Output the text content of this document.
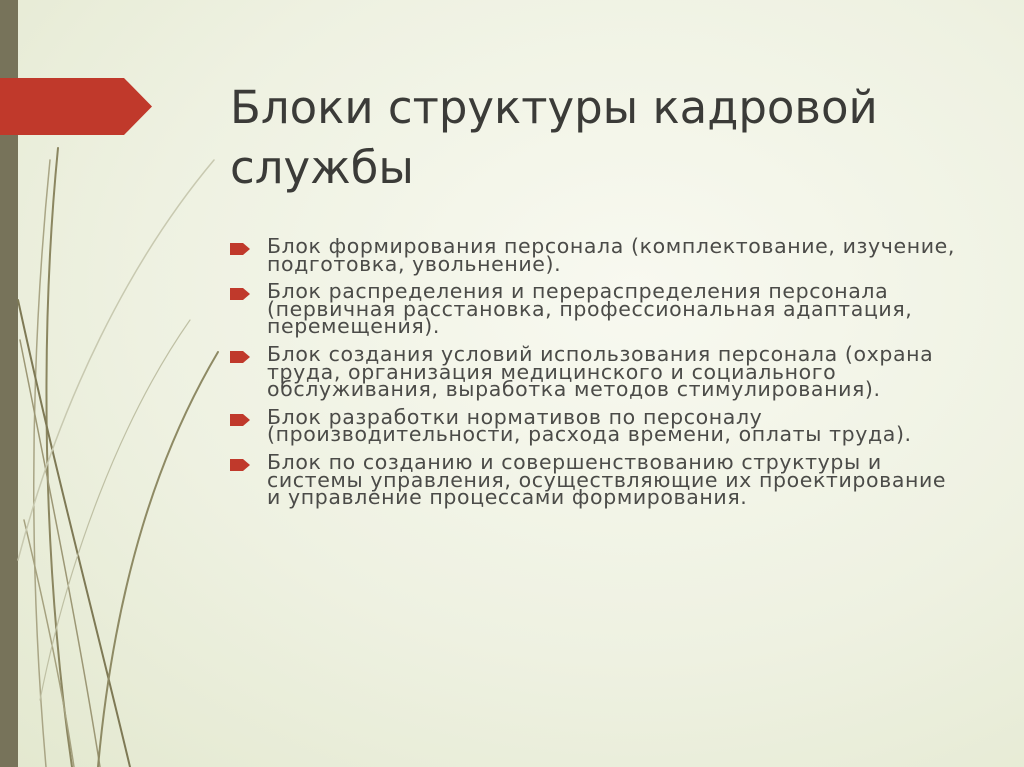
Блоки структуры кадровой службы
Блок формирования персонала (комплектование, изучение, подготовка, увольнение).
Блок распределения и перераспределения персонала (первичная расстановка, профессиональная адаптация, перемещения).
Блок создания условий использования персонала (охрана труда, организация медицинского и социального обслуживания, выработка методов стимулирования).
Блок разработки нормативов по персоналу (производительности, расхода времени, оплаты труда).
Блок по созданию и совершенствованию структуры и системы управления, осуществляющие их проектирование и управление процессами формирования.
